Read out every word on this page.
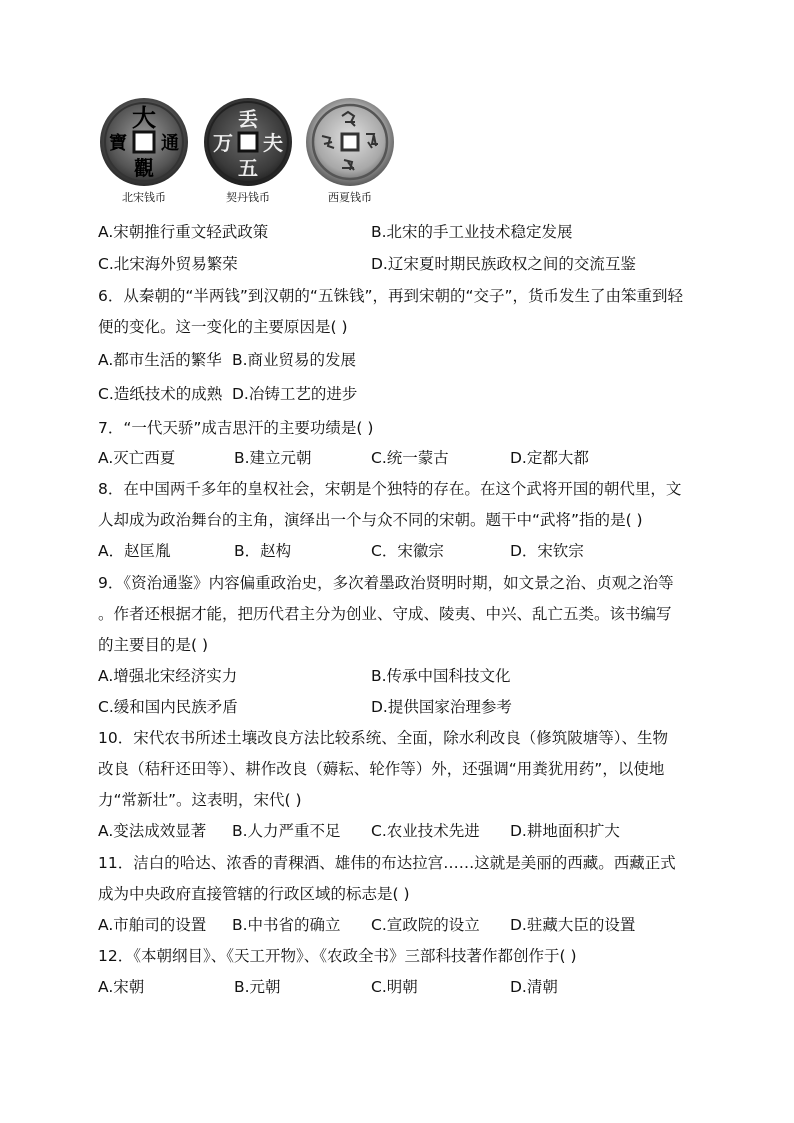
大
寶 通
觀
北宋钱币
丢
万 夫
五
契丹钱币	西夏钱币
A.宋朝推行重文轻武政策	B.北宋的手工业技术稳定发展
C.北宋海外贸易繁荣	D.辽宋夏时期民族政权之间的交流互鉴
6．从秦朝的“半两钱”到汉朝的“五铢钱”，再到宋朝的“交子”，货币发生了由笨重到轻
便的变化。这一变化的主要原因是( )
A.都市生活的繁华 B.商业贸易的发展
C.造纸技术的成熟 D.冶铸工艺的进步
7．“一代天骄”成吉思汗的主要功绩是( )
A.灭亡西夏	B.建立元朝	C.统一蒙古	D.定都大都
8．在中国两千多年的皇权社会，宋朝是个独特的存在。在这个武将开国的朝代里，文
人却成为政治舞台的主角，演绎出一个与众不同的宋朝。题干中“武将”指的是( )
A．赵匡胤	B．赵构	C．宋徽宗	D．宋钦宗
9．《资治通鉴》内容偏重政治史，多次着墨政治贤明时期，如文景之治、贞观之治等
。作者还根据才能，把历代君主分为创业、守成、陵夷、中兴、乱亡五类。该书编写
的主要目的是( )
A.增强北宋经济实力	B.传承中国科技文化
C.缓和国内民族矛盾	D.提供国家治理参考
10．宋代农书所述土壤改良方法比较系统、全面，除水利改良（修筑陂塘等）、生物
改良（秸秆还田等）、耕作改良（薅耘、轮作等）外，还强调“用粪犹用药”，以使地
力“常新壮”。这表明，宋代( )
A.变法成效显著 B.人力严重不足 C.农业技术先进 D.耕地面积扩大
11．洁白的哈达、浓香的青稞酒、雄伟的布达拉宫……这就是美丽的西藏。西藏正式
成为中央政府直接管辖的行政区域的标志是( )
A.市舶司的设置 B.中书省的确立 C.宣政院的设立 D.驻藏大臣的设置
12．《本朝纲目》、《天工开物》、《农政全书》三部科技著作都创作于( )
A.宋朝	B.元朝	C.明朝	D.清朝
